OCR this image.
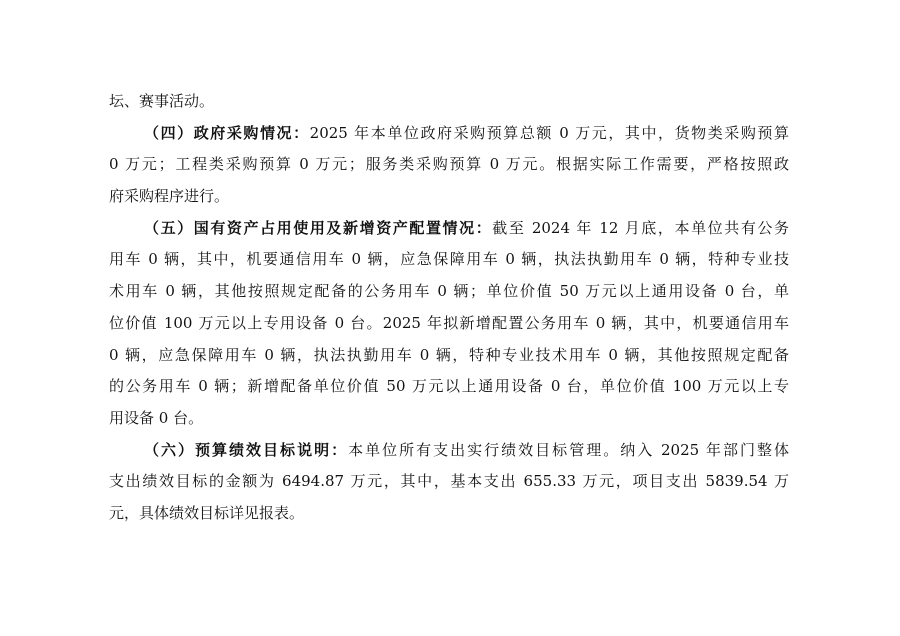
坛、赛事活动。
（四）政府采购情况：2025 年本单位政府采购预算总额 0 万元，其中，货物类采购预算
0 万元；工程类采购预算 0 万元；服务类采购预算 0 万元。根据实际工作需要，严格按照政
府采购程序进行。
（五）国有资产占用使用及新增资产配置情况：截至 2024 年 12 月底，本单位共有公务
用车 0 辆，其中，机要通信用车 0 辆，应急保障用车 0 辆，执法执勤用车 0 辆，特种专业技
术用车 0 辆，其他按照规定配备的公务用车 0 辆；单位价值 50 万元以上通用设备 0 台，单
位价值 100 万元以上专用设备 0 台。2025 年拟新增配置公务用车 0 辆，其中，机要通信用车
0 辆，应急保障用车 0 辆，执法执勤用车 0 辆，特种专业技术用车 0 辆，其他按照规定配备
的公务用车 0 辆；新增配备单位价值 50 万元以上通用设备 0 台，单位价值 100 万元以上专
用设备 0 台。
（六）预算绩效目标说明：本单位所有支出实行绩效目标管理。纳入 2025 年部门整体
支出绩效目标的金额为 6494.87 万元，其中，基本支出 655.33 万元，项目支出 5839.54 万
元，具体绩效目标详见报表。
